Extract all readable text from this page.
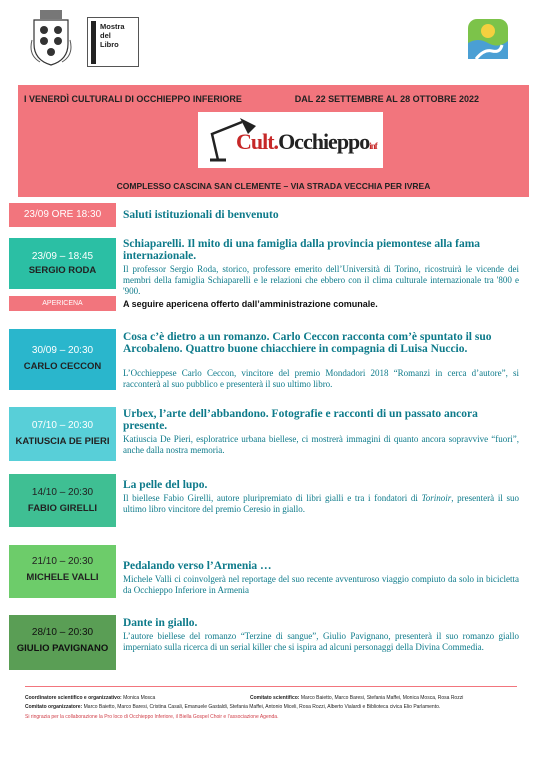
Mostra
del
Libro
I VENERDÌ CULTURALI DI OCCHIEPPO INFERIORE	DAL 22 SETTEMBRE AL 28 OTTOBRE 2022
Cult.Occhieppoinf
COMPLESSO CASCINA SAN CLEMENTE – VIA STRADA VECCHIA PER IVREA
23/09 ORE 18:30	Saluti istituzionali di benvenuto
23/09 – 18:45
SERGIO RODA
Schiaparelli. Il mito di una famiglia dalla provincia piemontese alla fama internazionale.
Il professor Sergio Roda, storico, professore emerito dell’Università di Torino, ricostruirà le vicende dei membri della famiglia Schiaparelli e le relazioni che ebbero con il clima culturale internazionale tra '800 e '900.
APERICENA	A seguire apericena offerto dall’amministrazione comunale.
30/09 – 20:30
CARLO CECCON
Cosa c’è dietro a un romanzo. Carlo Ceccon racconta com’è spuntato il suo Arcobaleno. Quattro buone chiacchiere in compagnia di Luisa Nuccio.
L’Occhieppese Carlo Ceccon, vincitore del premio Mondadori 2018 “Romanzi in cerca d’autore”, si racconterà al suo pubblico e presenterà il suo ultimo libro.
07/10 – 20:30
KATIUSCIA DE PIERI
Urbex, l’arte dell’abbandono. Fotografie e racconti di un passato ancora presente.
Katiuscia De Pieri, esploratrice urbana biellese, ci mostrerà immagini di quanto ancora sopravvive “fuori”, anche dalla nostra memoria.
14/10 – 20:30
FABIO GIRELLI
La pelle del lupo.
Il biellese Fabio Girelli, autore pluripremiato di libri gialli e tra i fondatori di Torinoir, presenterà il suo ultimo libro vincitore del premio Ceresio in giallo.
21/10 – 20:30
MICHELE VALLI
Pedalando verso l’Armenia …
Michele Valli ci coinvolgerà nel reportage del suo recente avventuroso viaggio compiuto da solo in bicicletta da Occhieppo Inferiore in Armenia
28/10 – 20:30
GIULIO PAVIGNANO
Dante in giallo.
L’autore biellese del romanzo “Terzine di sangue”, Giulio Pavignano, presenterà il suo romanzo giallo imperniato sulla ricerca di un serial killer che si ispira ad alcuni personaggi della Divina Commedia.
Coordinatore scientifico e organizzativo: Monica Mosca	Comitato scientifico: Marco Baietto, Marco Baresi, Stefania Maffei, Monica Mosca, Rosa Rozzi
Comitato organizzatore: Marco Baietto, Marco Baresi, Cristina Casali, Emanuele Gastaldi, Stefania Maffei, Antonio Miceli, Rosa Rozzi, Alberto Vialardi e Biblioteca civica Elio Parlamento.
Si ringrazia per la collaborazione la Pro loco di Occhieppo Inferiore, il Biella Gospel Choir e l’associazione Agenda.
